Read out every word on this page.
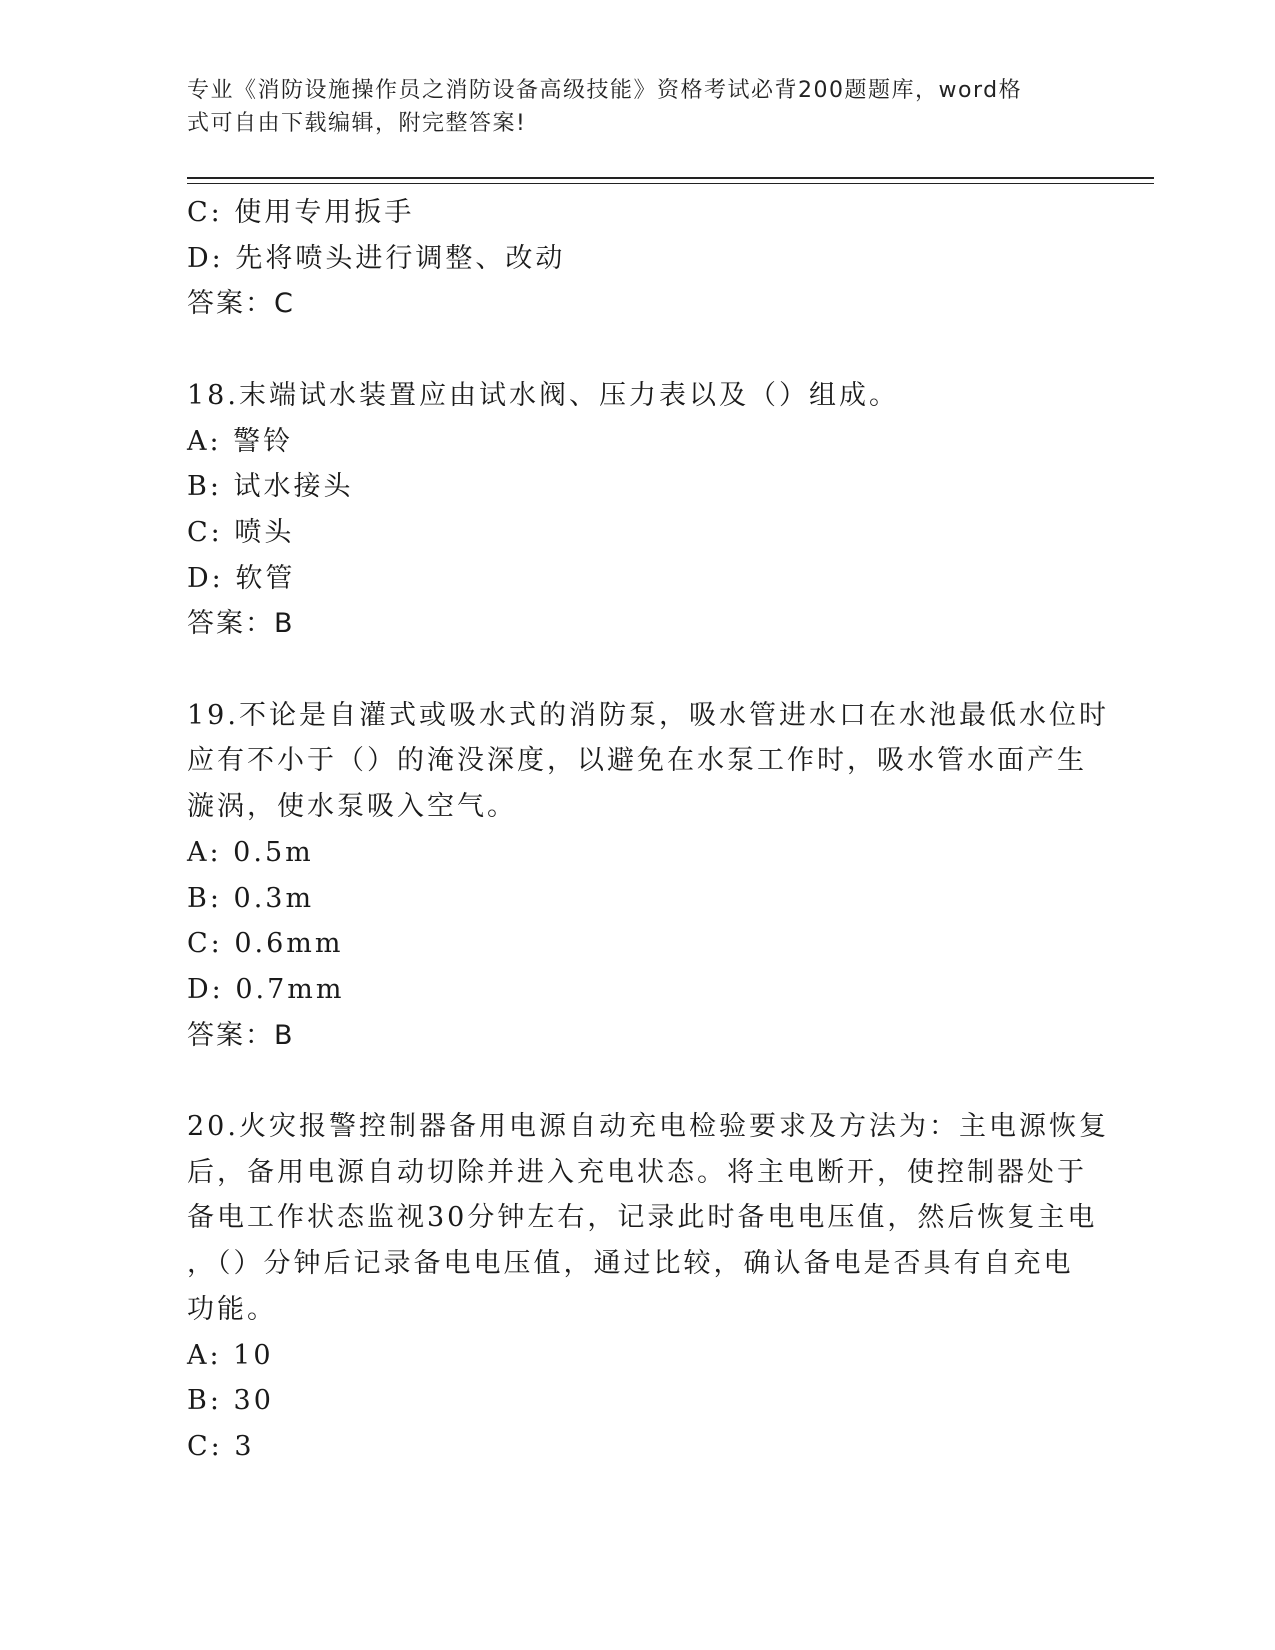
专业《消防设施操作员之消防设备高级技能》资格考试必背200题题库，word格
式可自由下载编辑，附完整答案!

C: 使用专用扳手

D: 先将喷头进行调整、改动

答案：C

18.末端试水装置应由试水阀、压力表以及（）组成。

A: 警铃

B: 试水接头

C: 喷头

D: 软管

答案：B

19.不论是自灌式或吸水式的消防泵，吸水管进水口在水池最低水位时

应有不小于（）的淹没深度，以避免在水泵工作时，吸水管水面产生

漩涡，使水泵吸入空气。

A: 0.5m

B: 0.3m

C: 0.6mm

D: 0.7mm

答案：B

20.火灾报警控制器备用电源自动充电检验要求及方法为：主电源恢复

后，备用电源自动切除并进入充电状态。将主电断开，使控制器处于

备电工作状态监视30分钟左右，记录此时备电电压值，然后恢复主电

，（）分钟后记录备电电压值，通过比较，确认备电是否具有自充电

功能。

A: 10

B: 30

C: 3
